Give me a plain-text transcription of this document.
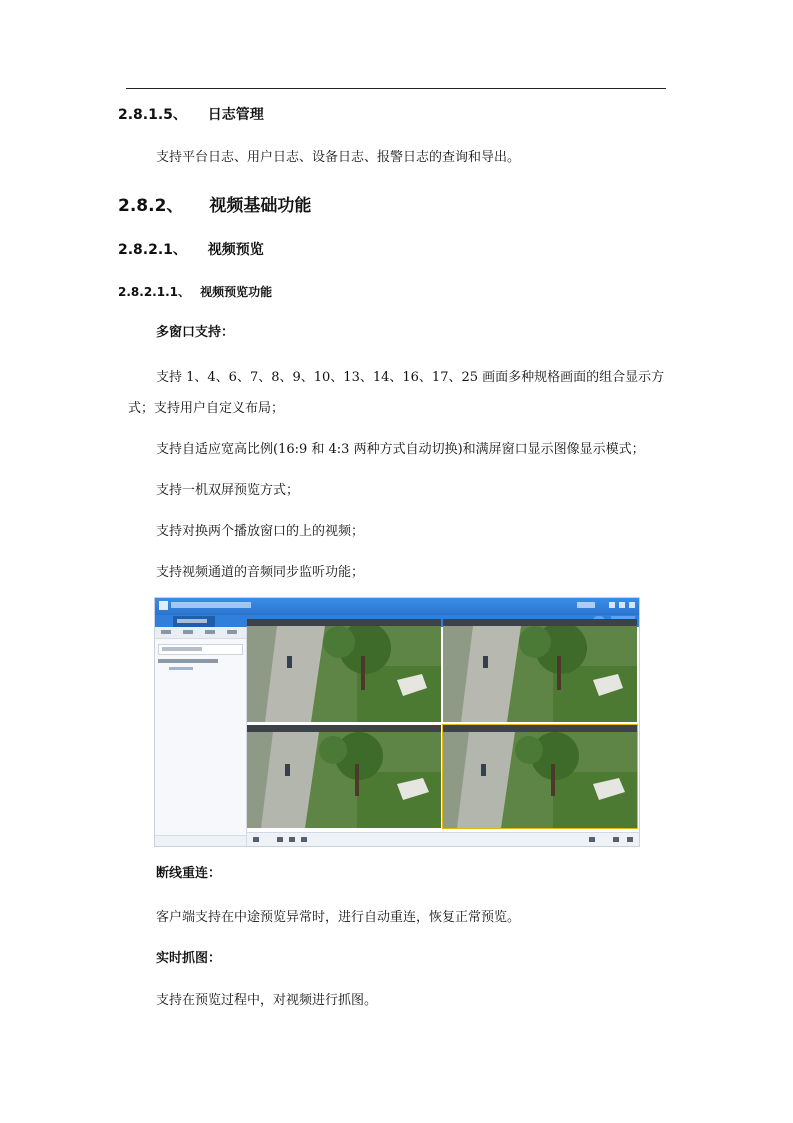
2.8.1.5、 日志管理
支持平台日志、用户日志、设备日志、报警日志的查询和导出。
2.8.2、 视频基础功能
2.8.2.1、 视频预览
2.8.2.1.1、 视频预览功能
多窗口支持：
支持 1、4、6、7、8、9、10、13、14、16、17、25 画面多种规格画面的组合显示方
式；支持用户自定义布局；
支持自适应宽高比例(16:9 和 4:3 两种方式自动切换)和满屏窗口显示图像显示模式；
支持一机双屏预览方式；
支持对换两个播放窗口的上的视频；
支持视频通道的音频同步监听功能；
断线重连：
客户端支持在中途预览异常时，进行自动重连，恢复正常预览。
实时抓图：
支持在预览过程中，对视频进行抓图。
